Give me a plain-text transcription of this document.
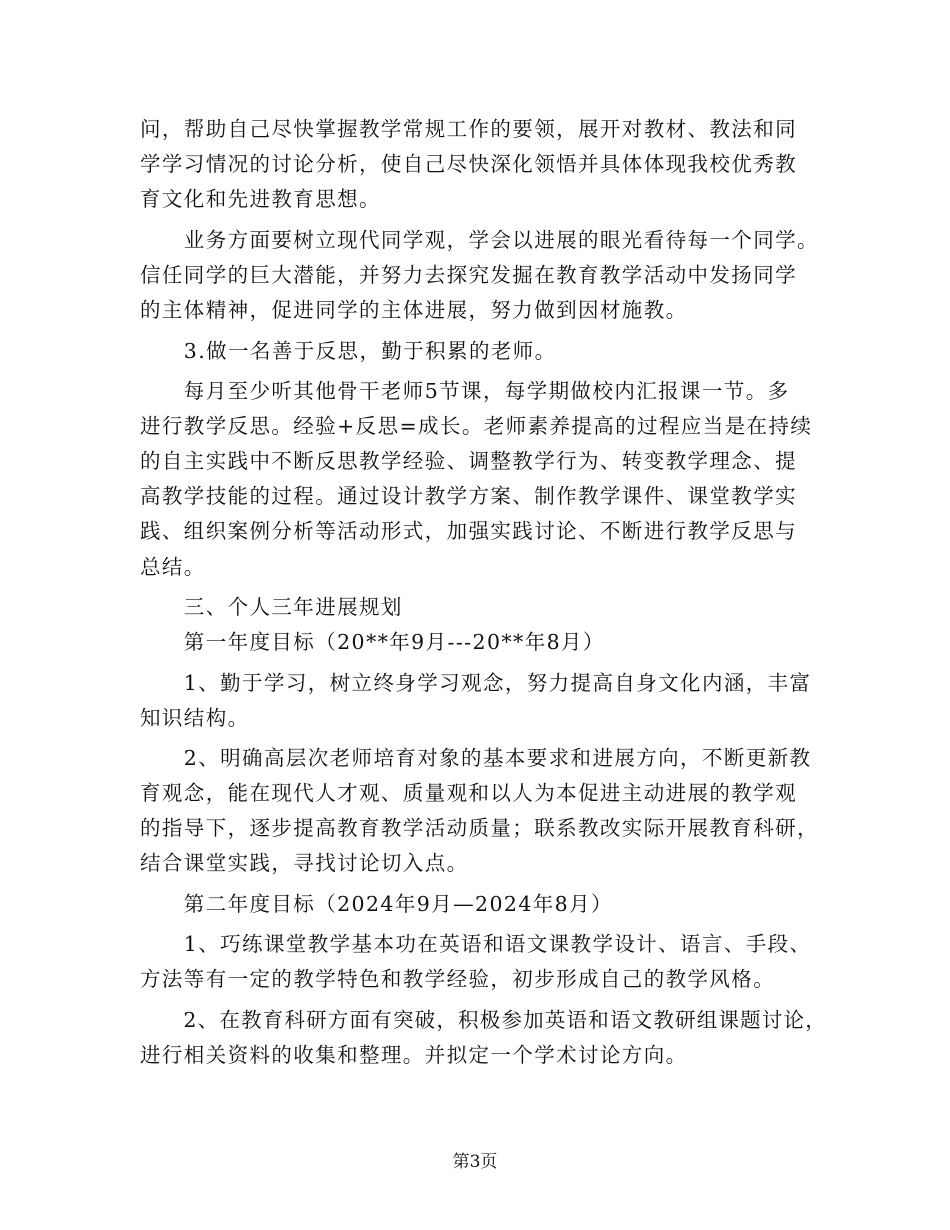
问，帮助自己尽快掌握教学常规工作的要领，展开对教材、教法和同
学学习情况的讨论分析，使自己尽快深化领悟并具体体现我校优秀教
育文化和先进教育思想。
　　业务方面要树立现代同学观，学会以进展的眼光看待每一个同学。
信任同学的巨大潜能，并努力去探究发掘在教育教学活动中发扬同学
的主体精神，促进同学的主体进展，努力做到因材施教。
　　3.做一名善于反思，勤于积累的老师。
　　每月至少听其他骨干老师5节课，每学期做校内汇报课一节。多
进行教学反思。经验+反思=成长。老师素养提高的过程应当是在持续
的自主实践中不断反思教学经验、调整教学行为、转变教学理念、提
高教学技能的过程。通过设计教学方案、制作教学课件、课堂教学实
践、组织案例分析等活动形式，加强实践讨论、不断进行教学反思与
总结。
　　三、个人三年进展规划
　　第一年度目标（20**年9月---20**年8月）
　　1、勤于学习，树立终身学习观念，努力提高自身文化内涵，丰富
知识结构。
　　2、明确高层次老师培育对象的基本要求和进展方向，不断更新教
育观念，能在现代人才观、质量观和以人为本促进主动进展的教学观
的指导下，逐步提高教育教学活动质量；联系教改实际开展教育科研，
结合课堂实践，寻找讨论切入点。
　　第二年度目标（2024年9月—2024年8月）
　　1、巧练课堂教学基本功在英语和语文课教学设计、语言、手段、
方法等有一定的教学特色和教学经验，初步形成自己的教学风格。
　　2、在教育科研方面有突破，积极参加英语和语文教研组课题讨论，
进行相关资料的收集和整理。并拟定一个学术讨论方向。
第3页
